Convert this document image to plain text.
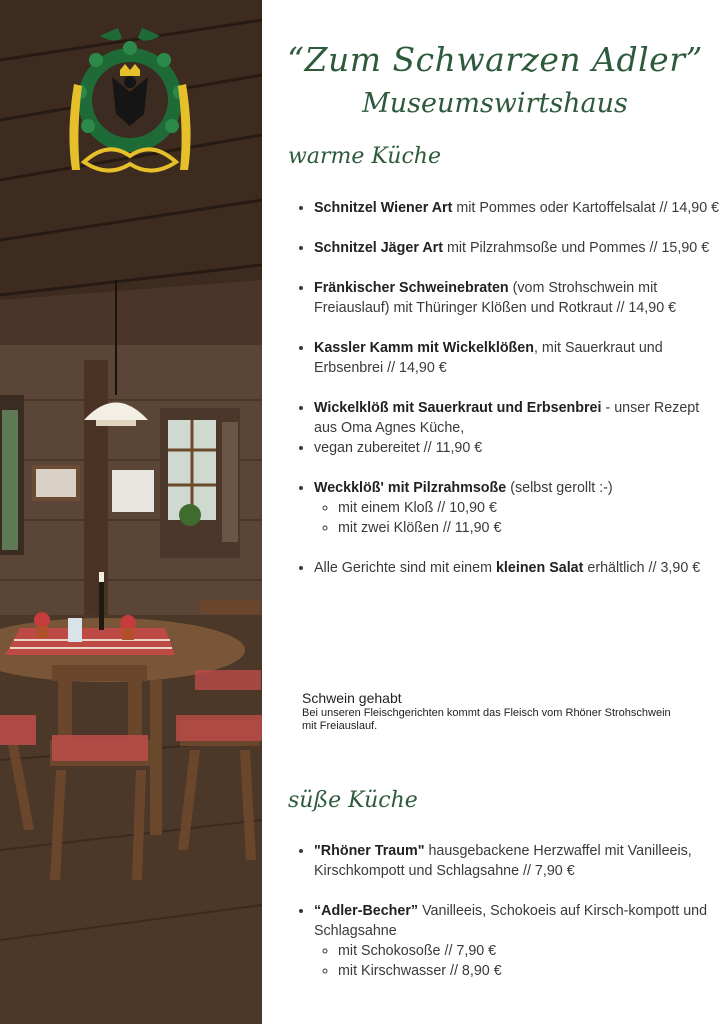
“Zum Schwarzen Adler”
Museumswirtshaus
warme Küche
• Schnitzel Wiener Art mit Pommes oder Kartoffelsalat // 14,90 €
• Schnitzel Jäger Art mit Pilzrahmsoße und Pommes // 15,90 €
• Fränkischer Schweinebraten (vom Strohschwein mit Freiauslauf) mit Thüringer Klößen und Rotkraut // 14,90 €
• Kassler Kamm mit Wickelklößen, mit Sauerkraut und Erbsenbrei // 14,90 €
• Wickelklöß mit Sauerkraut und Erbsenbrei - unser Rezept aus Oma Agnes Küche,
• vegan zubereitet // 11,90 €
• Weckklöß' mit Pilzrahmsoße (selbst gerollt :-)
◦ mit einem Kloß // 10,90 €
◦ mit zwei Klößen // 11,90 €
• Alle Gerichte sind mit einem kleinen Salat erhältlich // 3,90 €
Schwein gehabt
Bei unseren Fleischgerichten kommt das Fleisch vom Rhöner Strohschwein mit Freiauslauf.
süße Küche
• "Rhöner Traum" hausgebackene Herzwaffel mit Vanilleeis, Kirschkompott und Schlagsahne // 7,90 €
• “Adler-Becher” Vanilleeis, Schokoeis auf Kirsch-kompott und Schlagsahne
◦ mit Schokosoße // 7,90 €
◦ mit Kirschwasser // 8,90 €
